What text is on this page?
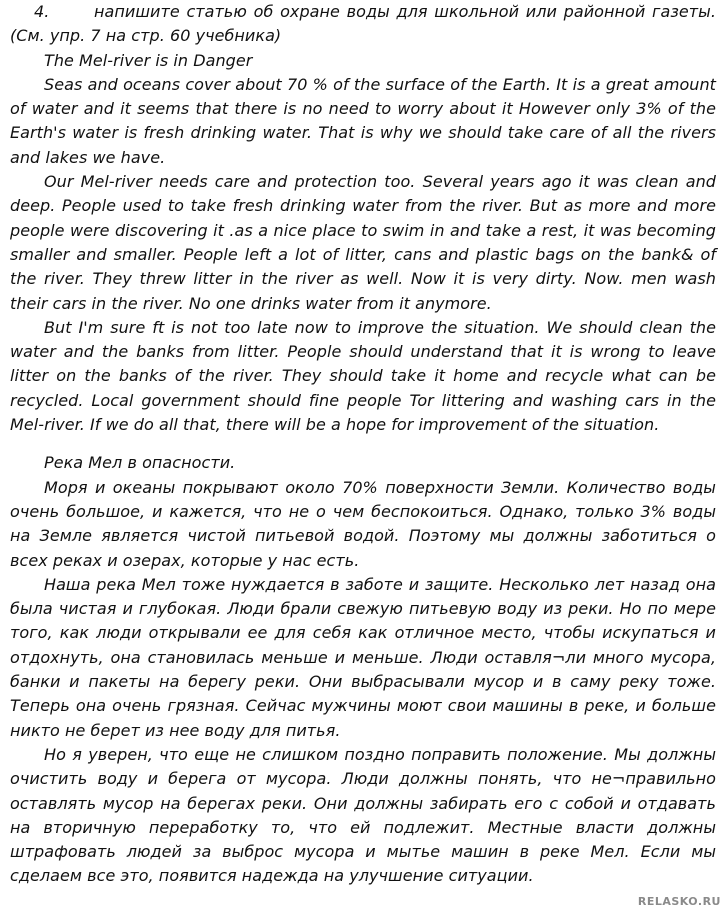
4.	напишите статью об охране воды для школьной или районной газеты. (См. упр. 7 на стр. 60 учебника)

The Mel-river is in Danger

Seas and oceans cover about 70 % of the surface of the Earth. It is a great amount of water and it seems that there is no need to worry about it However only 3% of the Earth's water is fresh drinking water. That is why we should take care of all the rivers and lakes we have.

Our Mel-river needs care and protection too. Several years ago it was clean and deep. People used to take fresh drinking water from the river. But as more and more people were discovering it .as a nice place to swim in and take a rest, it was becoming smaller and smaller. People left a lot of litter, cans and plastic bags on the bank& of the river. They threw litter in the river as well. Now it is very dirty. Now. men wash their cars in the river. No one drinks water from it anymore.

But I'm sure ft is not too late now to improve the situation. We should clean the water and the banks from litter. People should understand that it is wrong to leave litter on the banks of the river. They should take it home and recycle what can be recycled. Local government should fine people Tor littering and washing cars in the Mel-river. If we do all that, there will be a hope for improvement of the situation.

Река Мел в опасности.

Моря и океаны покрывают около 70% поверхности Земли. Количество воды очень большое, и кажется, что не о чем беспокоиться. Однако, только 3% воды на Земле является чистой питьевой водой. Поэтому мы должны заботиться о всех реках и озерах, которые у нас есть.

Наша река Мел тоже нуждается в заботе и защите. Несколько лет назад она была чистая и глубокая. Люди брали свежую питьевую воду из реки. Но по мере того, как люди открывали ее для себя как отличное место, чтобы искупаться и отдохнуть, она становилась меньше и меньше. Люди оставля¬ли много мусора, банки и пакеты на берегу реки. Они выбрасывали мусор и в саму реку тоже. Теперь она очень грязная. Сейчас мужчины моют свои машины в реке, и больше никто не берет из нее воду для питья.

Но я уверен, что еще не слишком поздно поправить положение. Мы должны очистить воду и берега от мусора. Люди должны понять, что не¬правильно оставлять мусор на берегах реки. Они должны забирать его с собой и отдавать на вторичную переработку то, что ей подлежит. Местные власти должны штрафовать людей за выброс мусора и мытье машин в реке Мел. Если мы сделаем все это, появится надежда на улучшение ситуации.

RELASKO.RU
